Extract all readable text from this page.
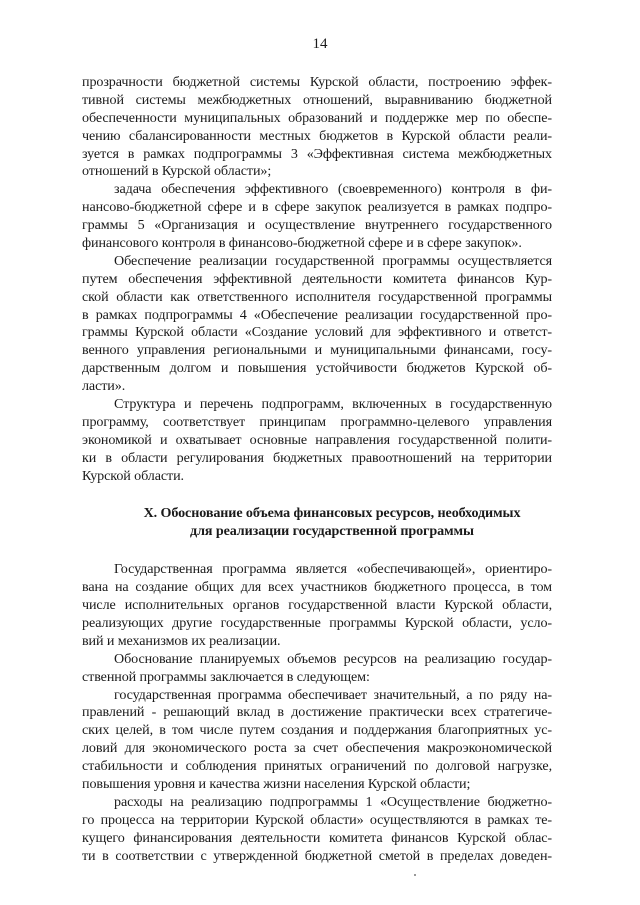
14
прозрачности бюджетной системы Курской области, построению эффек-
тивной системы межбюджетных отношений, выравниванию бюджетной
обеспеченности муниципальных образований и поддержке мер по обеспе-
чению сбалансированности местных бюджетов в Курской области реали-
зуется в рамках подпрограммы 3 «Эффективная система межбюджетных
отношений в Курской области»;
задача обеспечения эффективного (своевременного) контроля в фи-
нансово-бюджетной сфере и в сфере закупок реализуется в рамках подпро-
граммы 5 «Организация и осуществление внутреннего государственного
финансового контроля в финансово-бюджетной сфере и в сфере закупок».
Обеспечение реализации государственной программы осуществляется
путем обеспечения эффективной деятельности комитета финансов Кур-
ской области как ответственного исполнителя государственной программы
в рамках подпрограммы 4 «Обеспечение реализации государственной про-
граммы Курской области «Создание условий для эффективного и ответст-
венного управления региональными и муниципальными финансами, госу-
дарственным долгом и повышения устойчивости бюджетов Курской об-
ласти».
Структура и перечень подпрограмм, включенных в государственную
программу, соответствует принципам программно-целевого управления
экономикой и охватывает основные направления государственной полити-
ки в области регулирования бюджетных правоотношений на территории
Курской области.
X. Обоснование объема финансовых ресурсов, необходимых
для реализации государственной программы
Государственная программа является «обеспечивающей», ориентиро-
вана на создание общих для всех участников бюджетного процесса, в том
числе исполнительных органов государственной власти Курской области,
реализующих другие государственные программы Курской области, усло-
вий и механизмов их реализации.
Обоснование планируемых объемов ресурсов на реализацию государ-
ственной программы заключается в следующем:
государственная программа обеспечивает значительный, а по ряду на-
правлений - решающий вклад в достижение практически всех стратегиче-
ских целей, в том числе путем создания и поддержания благоприятных ус-
ловий для экономического роста за счет обеспечения макроэкономической
стабильности и соблюдения принятых ограничений по долговой нагрузке,
повышения уровня и качества жизни населения Курской области;
расходы на реализацию подпрограммы 1 «Осуществление бюджетно-
го процесса на территории Курской области» осуществляются в рамках те-
кущего финансирования деятельности комитета финансов Курской облас-
ти в соответствии с утвержденной бюджетной сметой в пределах доведен-
